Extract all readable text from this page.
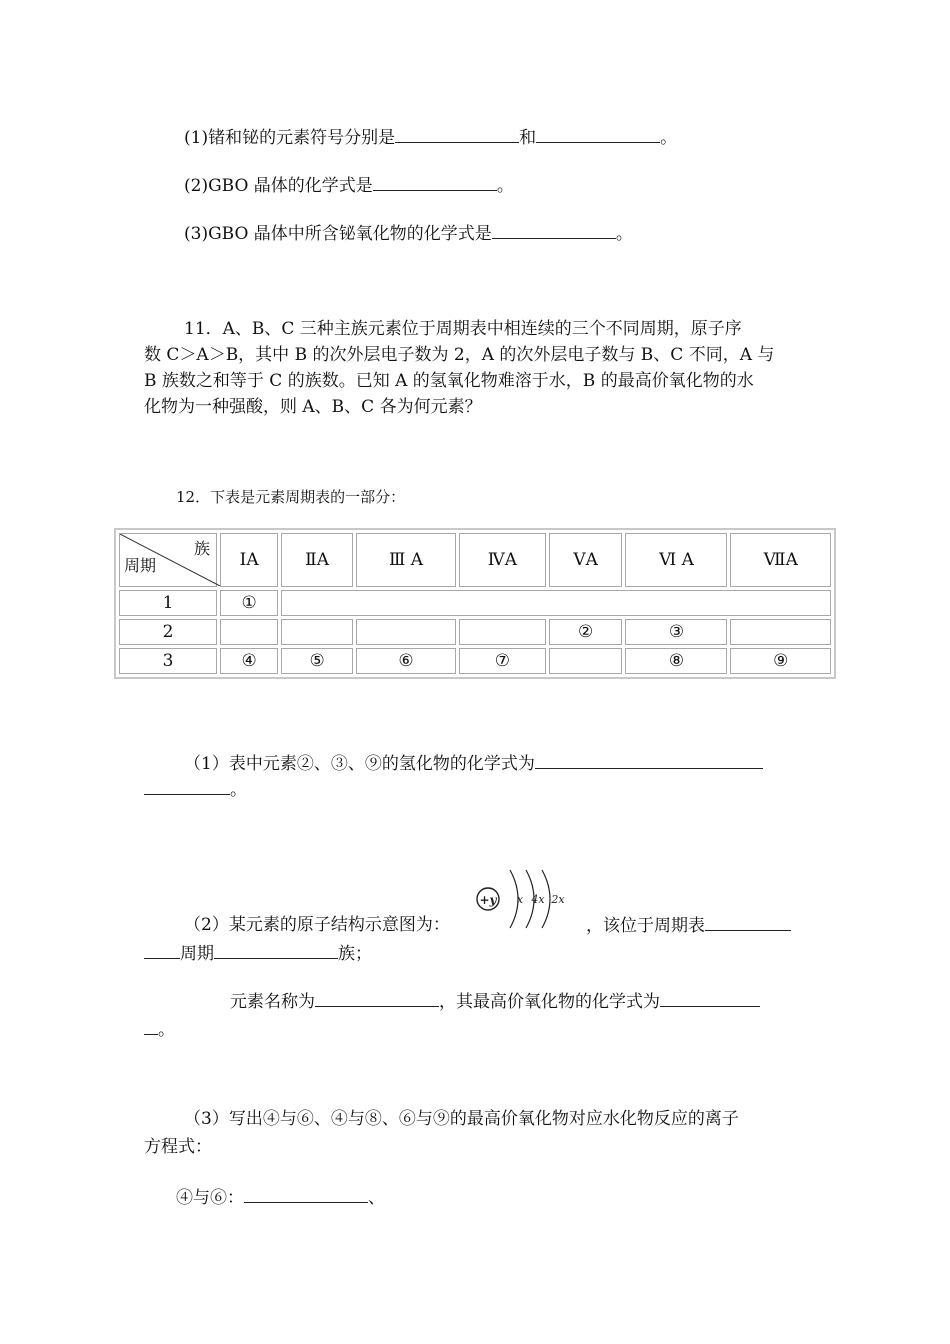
(1)锗和铋的元素符号分别是	和	。
(2)GBO 晶体的化学式是	。
(3)GBO 晶体中所含铋氧化物的化学式是	。
11．A、B、C 三种主族元素位于周期表中相连续的三个不同周期，原子序
数 C＞A＞B，其中 B 的次外层电子数为 2，A 的次外层电子数与 B、C 不同，A 与
B 族数之和等于 C 的族数。已知 A 的氢氧化物难溶于水，B 的最高价氧化物的水
化物为一种强酸，则 A、B、C 各为何元素？
12．下表是元素周期表的一部分：
族
周期	ⅠA	ⅡA	Ⅲ A	ⅣA	ⅤA	Ⅵ A	ⅦA
1	①						
2					②	③	
3	④	⑤	⑥	⑦		⑧	⑨
（1）表中元素②、③、⑨的氢化物的化学式为
。
（2）某元素的原子结构示意图为：	，该位于周期表
+y x 4x 2x
周期	族；
元素名称为	，其最高价氧化物的化学式为
。
（3）写出④与⑥、④与⑧、⑥与⑨的最高价氧化物对应水化物反应的离子
方程式：
④与⑥：	、
